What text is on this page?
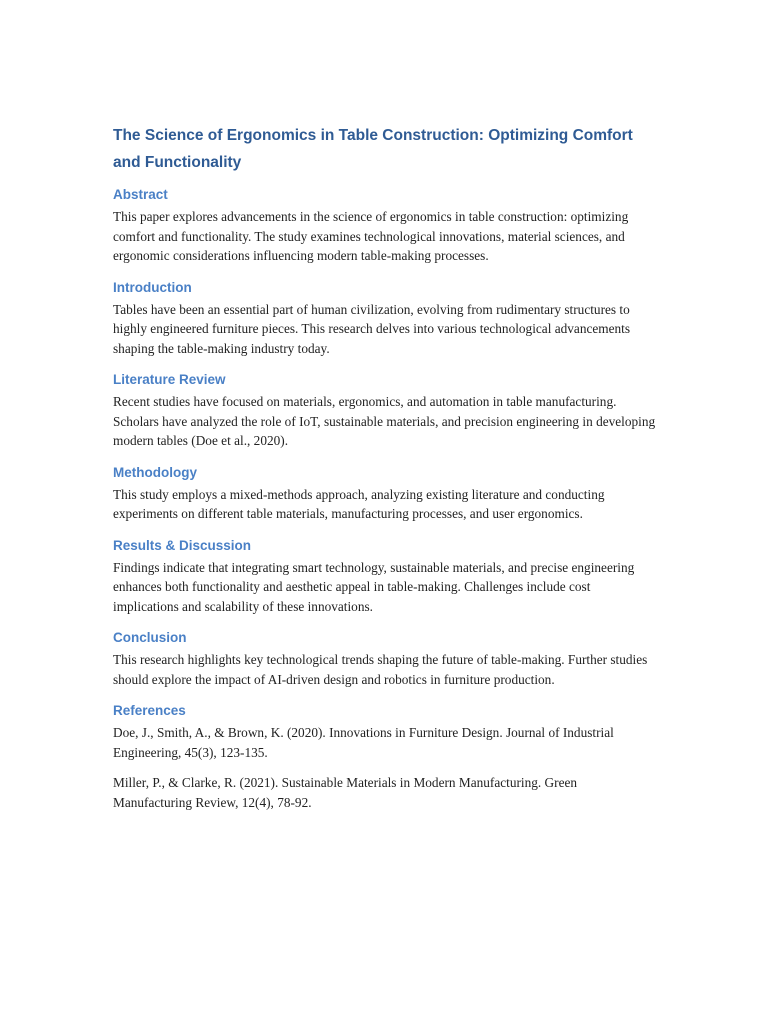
The Science of Ergonomics in Table Construction: Optimizing Comfort and Functionality
Abstract

This paper explores advancements in the science of ergonomics in table construction: optimizing comfort and functionality. The study examines technological innovations, material sciences, and ergonomic considerations influencing modern table-making processes.

Introduction

Tables have been an essential part of human civilization, evolving from rudimentary structures to highly engineered furniture pieces. This research delves into various technological advancements shaping the table-making industry today.

Literature Review

Recent studies have focused on materials, ergonomics, and automation in table manufacturing. Scholars have analyzed the role of IoT, sustainable materials, and precision engineering in developing modern tables (Doe et al., 2020).

Methodology

This study employs a mixed-methods approach, analyzing existing literature and conducting experiments on different table materials, manufacturing processes, and user ergonomics.

Results & Discussion

Findings indicate that integrating smart technology, sustainable materials, and precise engineering enhances both functionality and aesthetic appeal in table-making. Challenges include cost implications and scalability of these innovations.

Conclusion

This research highlights key technological trends shaping the future of table-making. Further studies should explore the impact of AI-driven design and robotics in furniture production.

References

Doe, J., Smith, A., & Brown, K. (2020). Innovations in Furniture Design. Journal of Industrial Engineering, 45(3), 123-135.

Miller, P., & Clarke, R. (2021). Sustainable Materials in Modern Manufacturing. Green Manufacturing Review, 12(4), 78-92.
